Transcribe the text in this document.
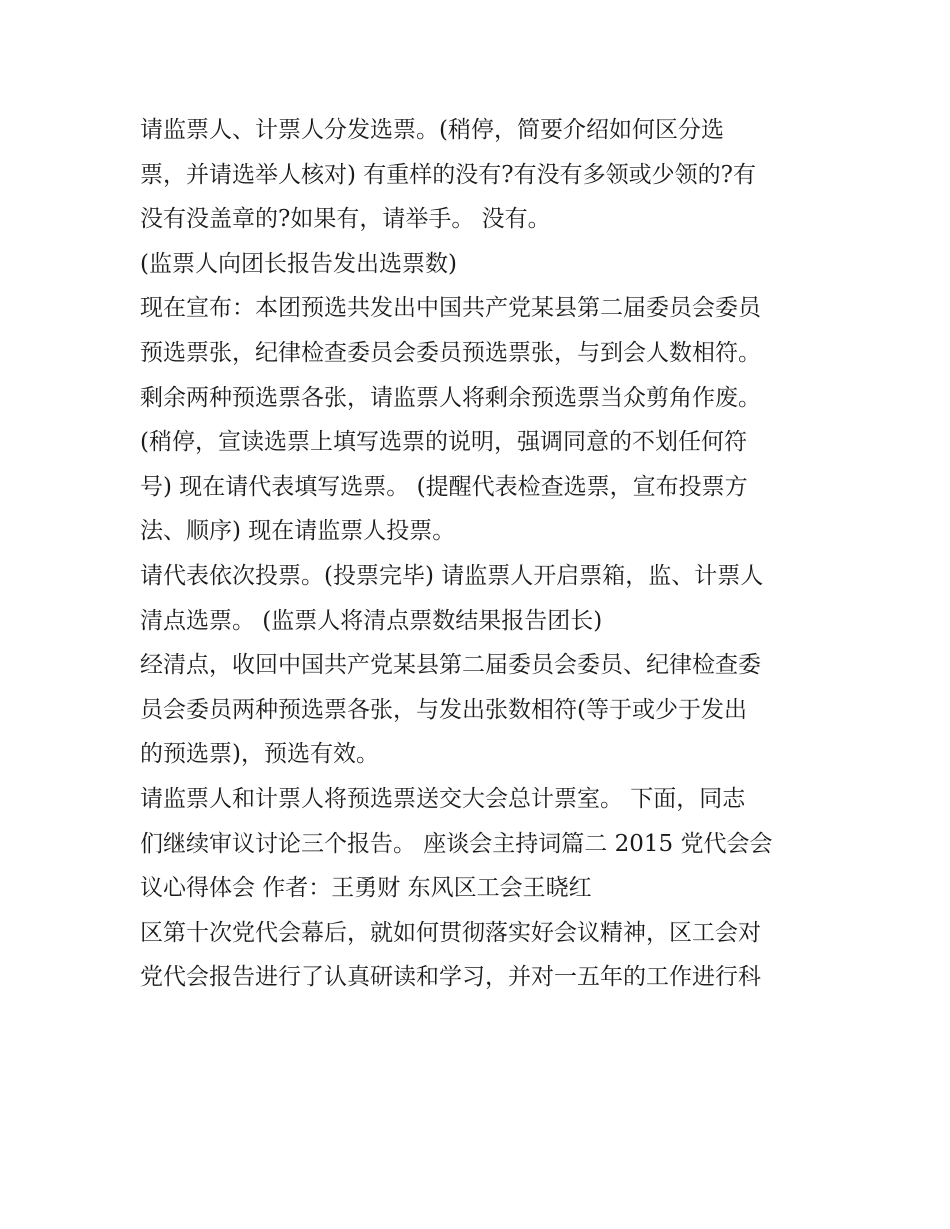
请监票人、计票人分发选票。(稍停，简要介绍如何区分选
票，并请选举人核对) 有重样的没有?有没有多领或少领的?有
没有没盖章的?如果有，请举手。 没有。
(监票人向团长报告发出选票数)
现在宣布：本团预选共发出中国共产党某县第二届委员会委员
预选票张，纪律检查委员会委员预选票张，与到会人数相符。
剩余两种预选票各张，请监票人将剩余预选票当众剪角作废。
(稍停，宣读选票上填写选票的说明，强调同意的不划任何符
号) 现在请代表填写选票。 (提醒代表检查选票，宣布投票方
法、顺序) 现在请监票人投票。
请代表依次投票。(投票完毕) 请监票人开启票箱，监、计票人
清点选票。 (监票人将清点票数结果报告团长)
经清点，收回中国共产党某县第二届委员会委员、纪律检查委
员会委员两种预选票各张，与发出张数相符(等于或少于发出
的预选票)，预选有效。
请监票人和计票人将预选票送交大会总计票室。 下面，同志
们继续审议讨论三个报告。 座谈会主持词篇二 2015 党代会会
议心得体会 作者：王勇财 东风区工会王晓红
区第十次党代会幕后，就如何贯彻落实好会议精神，区工会对
党代会报告进行了认真研读和学习，并对一五年的工作进行科
